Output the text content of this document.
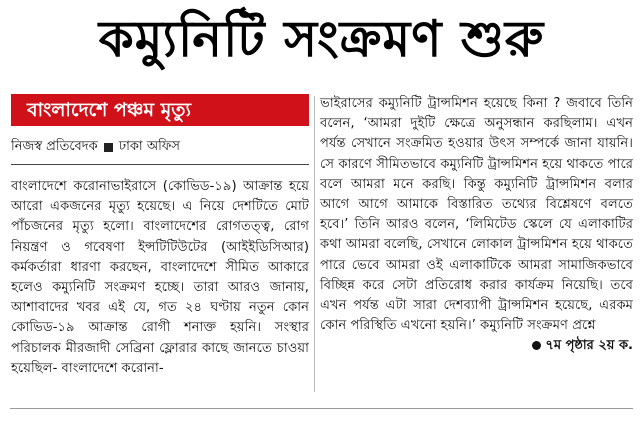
কম্যুনিটি সংক্রমণ শুরু
বাংলাদেশে পঞ্চম মৃত্যু
নিজস্ব প্রতিবেদক ঢাকা অফিস

বাংলাদেশে করোনাভাইরাসে (কোভিড-১৯) আক্রান্ত হয়ে আরো একজনের মৃত্যু হয়েছে। এ নিয়ে দেশটিতে মোট পাঁচজনের মৃত্যু হলো। বাংলাদেশের রোগতত্ত্ব, রোগ নিয়ন্ত্রণ ও গবেষণা ইন্সটিটিউটের (আইইডিসিআর) কর্মকর্তারা ধারণা করছেন, বাংলাদেশে সীমিত আকারে হলেও কম্যুনিটি সংক্রমণ হচ্ছে। তারা আরও জানায়, আশাবাদের খবর এই যে, গত ২৪ ঘণ্টায় নতুন কোন কোভিড-১৯ আক্রান্ত রোগী শনাক্ত হয়নি। সংস্থার পরিচালক মীরজাদী সেব্রিনা ফ্লোরার কাছে জানতে চাওয়া হয়েছিল- বাংলাদেশে করোনা-

ভাইরাসের কম্যুনিটি ট্রান্সমিশন হয়েছে কিনা ? জবাবে তিনি বলেন, ‘আমরা দুইটি ক্ষেত্রে অনুসন্ধান করছিলাম। এখন পর্যন্ত সেখানে সংক্রমিত হওয়ার উৎস সম্পর্কে জানা যায়নি। সে কারণে সীমিতভাবে কম্যুনিটি ট্রান্সমিশন হয়ে থাকতে পারে বলে আমরা মনে করছি। কিন্তু কম্যুনিটি ট্রান্সমিশন বলার আগে আগে আমাকে বিস্তারিত তথ্যের বিশ্লেষণে বলতে হবে।’ তিনি আরও বলেন, ‘লিমিটেড স্কেলে যে এলাকাটির কথা আমরা বলেছি, সেখানে লোকাল ট্রান্সমিশন হয়ে থাকতে পারে ভেবে আমরা ওই এলাকাটিকে আমরা সামাজিকভাবে বিচ্ছিন্ন করে সেটা প্রতিরোধ করার কার্যক্রম নিয়েছি। তবে এখন পর্যন্ত এটা সারা দেশব্যাপী ট্রান্সমিশন হয়েছে, এরকম কোন পরিস্থিতি এখনো হয়নি।’ কম্যুনিটি সংক্রমণ প্রশ্নে

৭ম পৃষ্ঠার ২য় ক.
